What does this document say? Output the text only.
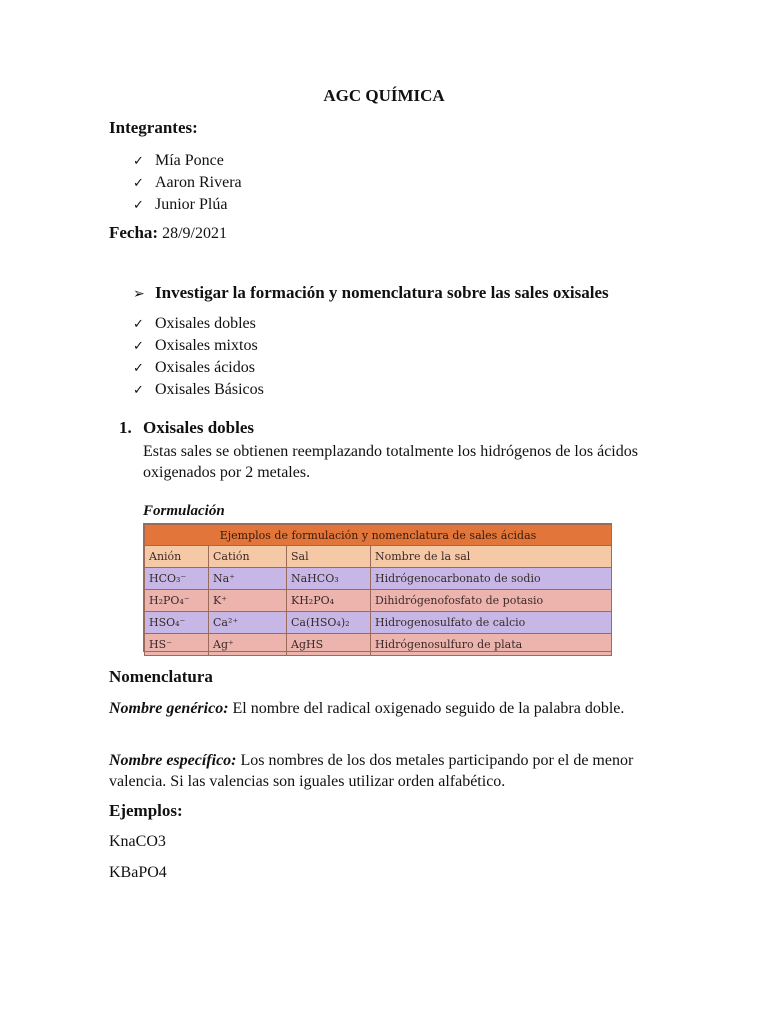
AGC QUÍMICA
Integrantes:
✓Mía Ponce
✓Aaron Rivera
✓Junior Plúa
Fecha: 28/9/2021
➢Investigar la formación y nomenclatura sobre las sales oxisales
✓Oxisales dobles
✓Oxisales mixtos
✓Oxisales ácidos
✓Oxisales Básicos
1. Oxisales dobles
Estas sales se obtienen reemplazando totalmente los hidrógenos de los ácidos oxigenados por 2 metales.
Formulación
Ejemplos de formulación y nomenclatura de sales ácidas			
Anión	Catión	Sal	Nombre de la sal
HCO₃⁻	Na⁺	NaHCO₃	Hidrógenocarbonato de sodio
H₂PO₄⁻	K⁺	KH₂PO₄	Dihidrógenofosfato de potasio
HSO₄⁻	Ca²⁺	Ca(HSO₄)₂	Hidrogenosulfato de calcio
HS⁻	Ag⁺	AgHS	Hidrógenosulfuro de plata
Nomenclatura
Nombre genérico: El nombre del radical oxigenado seguido de la palabra doble.
Nombre específico: Los nombres de los dos metales participando por el de menor valencia. Si las valencias son iguales utilizar orden alfabético.
Ejemplos:
KnaCO3
KBaPO4
